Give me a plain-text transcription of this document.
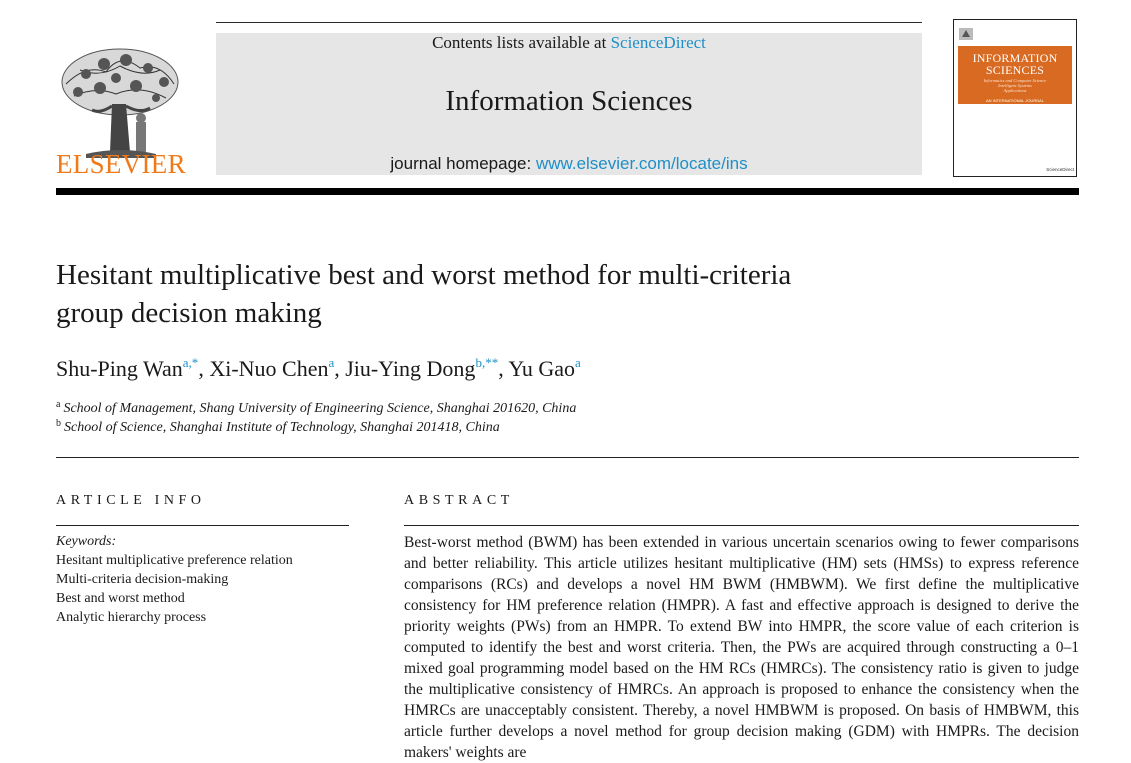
ELSEVIER
Contents lists available at ScienceDirect
Information Sciences
journal homepage: www.elsevier.com/locate/ins
INFORMATION
SCIENCES
Informatics and Computer Science
Intelligent Systems
Applications
AN INTERNATIONAL JOURNAL
ScienceDirect
Hesitant multiplicative best and worst method for multi-criteria
group decision making
Shu-Ping Wan$^{a,*}$, Xi-Nuo Chen$^a$, Jiu-Ying Dong$^{b,**}$, Yu Gao$^a$
$^a$ School of Management, Shang University of Engineering Science, Shanghai 201620, China
$^b$ School of Science, Shanghai Institute of Technology, Shanghai 201418, China
ARTICLE INFO
Keywords:
Hesitant multiplicative preference relation
Multi-criteria decision-making
Best and worst method
Analytic hierarchy process
ABSTRACT

Best-worst method (BWM) has been extended in various uncertain scenarios owing to fewer comparisons and better reliability. This article utilizes hesitant multiplicative (HM) sets (HMSs) to express reference comparisons (RCs) and develops a novel HM BWM (HMBWM). We first define the multiplicative consistency for HM preference relation (HMPR). A fast and effective approach is designed to derive the priority weights (PWs) from an HMPR. To extend BW into HMPR, the score value of each criterion is computed to identify the best and worst criteria. Then, the PWs are acquired through constructing a 0–1 mixed goal programming model based on the HM RCs (HMRCs). The consistency ratio is given to judge the multiplicative consistency of HMRCs. An approach is proposed to enhance the consistency when the HMRCs are unacceptably consistent. Thereby, a novel HMBWM is proposed. On basis of HMBWM, this article further develops a novel method for group decision making (GDM) with HMPRs. The decision makers' weights are
